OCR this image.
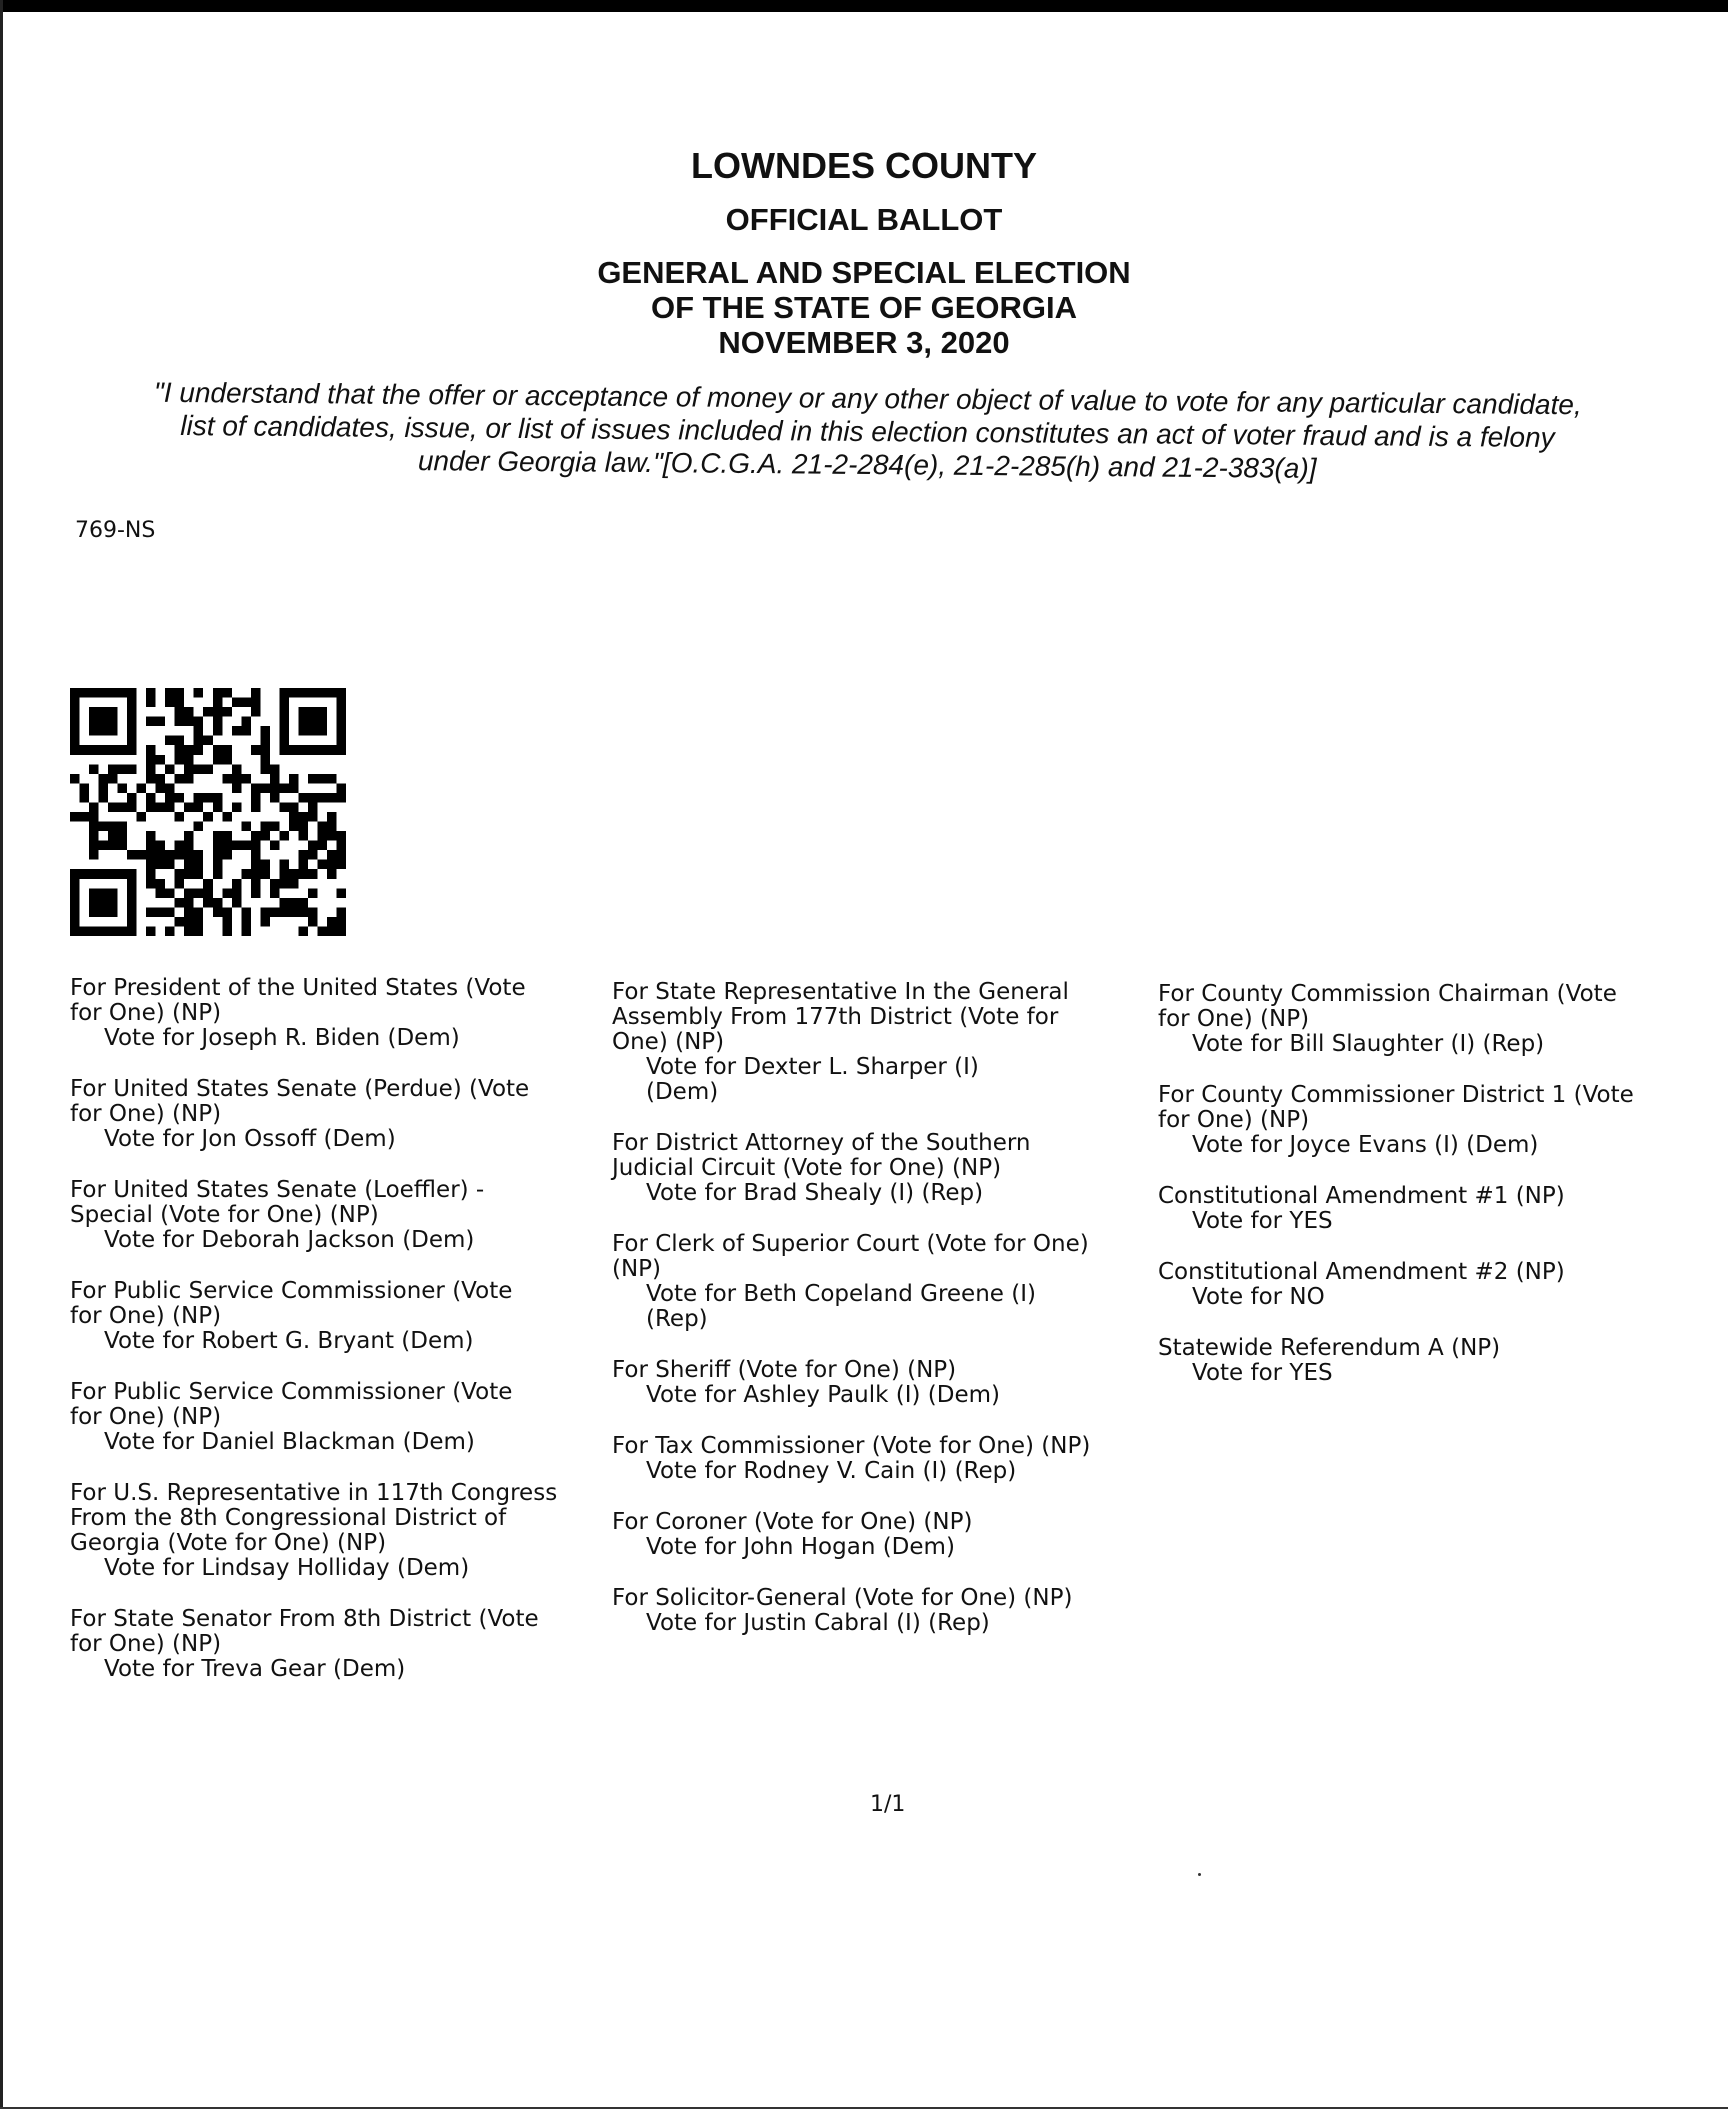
LOWNDES COUNTY
OFFICIAL BALLOT
GENERAL AND SPECIAL ELECTION
OF THE STATE OF GEORGIA
NOVEMBER 3, 2020
"I understand that the offer or acceptance of money or any other object of value to vote for any particular candidate,
list of candidates, issue, or list of issues included in this election constitutes an act of voter fraud and is a felony
under Georgia law."[O.C.G.A. 21-2-284(e), 21-2-285(h) and 21-2-383(a)]
769-NS
For President of the United States (Vote
for One) (NP)
Vote for Joseph R. Biden (Dem)
For United States Senate (Perdue) (Vote
for One) (NP)
Vote for Jon Ossoff (Dem)
For United States Senate (Loeffler) -
Special (Vote for One) (NP)
Vote for Deborah Jackson (Dem)
For Public Service Commissioner (Vote
for One) (NP)
Vote for Robert G. Bryant (Dem)
For Public Service Commissioner (Vote
for One) (NP)
Vote for Daniel Blackman (Dem)
For U.S. Representative in 117th Congress
From the 8th Congressional District of
Georgia (Vote for One) (NP)
Vote for Lindsay Holliday (Dem)
For State Senator From 8th District (Vote
for One) (NP)
Vote for Treva Gear (Dem)
For State Representative In the General
Assembly From 177th District (Vote for
One) (NP)
Vote for Dexter L. Sharper (I)
(Dem)
For District Attorney of the Southern
Judicial Circuit (Vote for One) (NP)
Vote for Brad Shealy (I) (Rep)
For Clerk of Superior Court (Vote for One)
(NP)
Vote for Beth Copeland Greene (I)
(Rep)
For Sheriff (Vote for One) (NP)
Vote for Ashley Paulk (I) (Dem)
For Tax Commissioner (Vote for One) (NP)
Vote for Rodney V. Cain (I) (Rep)
For Coroner (Vote for One) (NP)
Vote for John Hogan (Dem)
For Solicitor-General (Vote for One) (NP)
Vote for Justin Cabral (I) (Rep)
For County Commission Chairman (Vote
for One) (NP)
Vote for Bill Slaughter (I) (Rep)
For County Commissioner District 1 (Vote
for One) (NP)
Vote for Joyce Evans (I) (Dem)
Constitutional Amendment #1 (NP)
Vote for YES
Constitutional Amendment #2 (NP)
Vote for NO
Statewide Referendum A (NP)
Vote for YES
1/1
